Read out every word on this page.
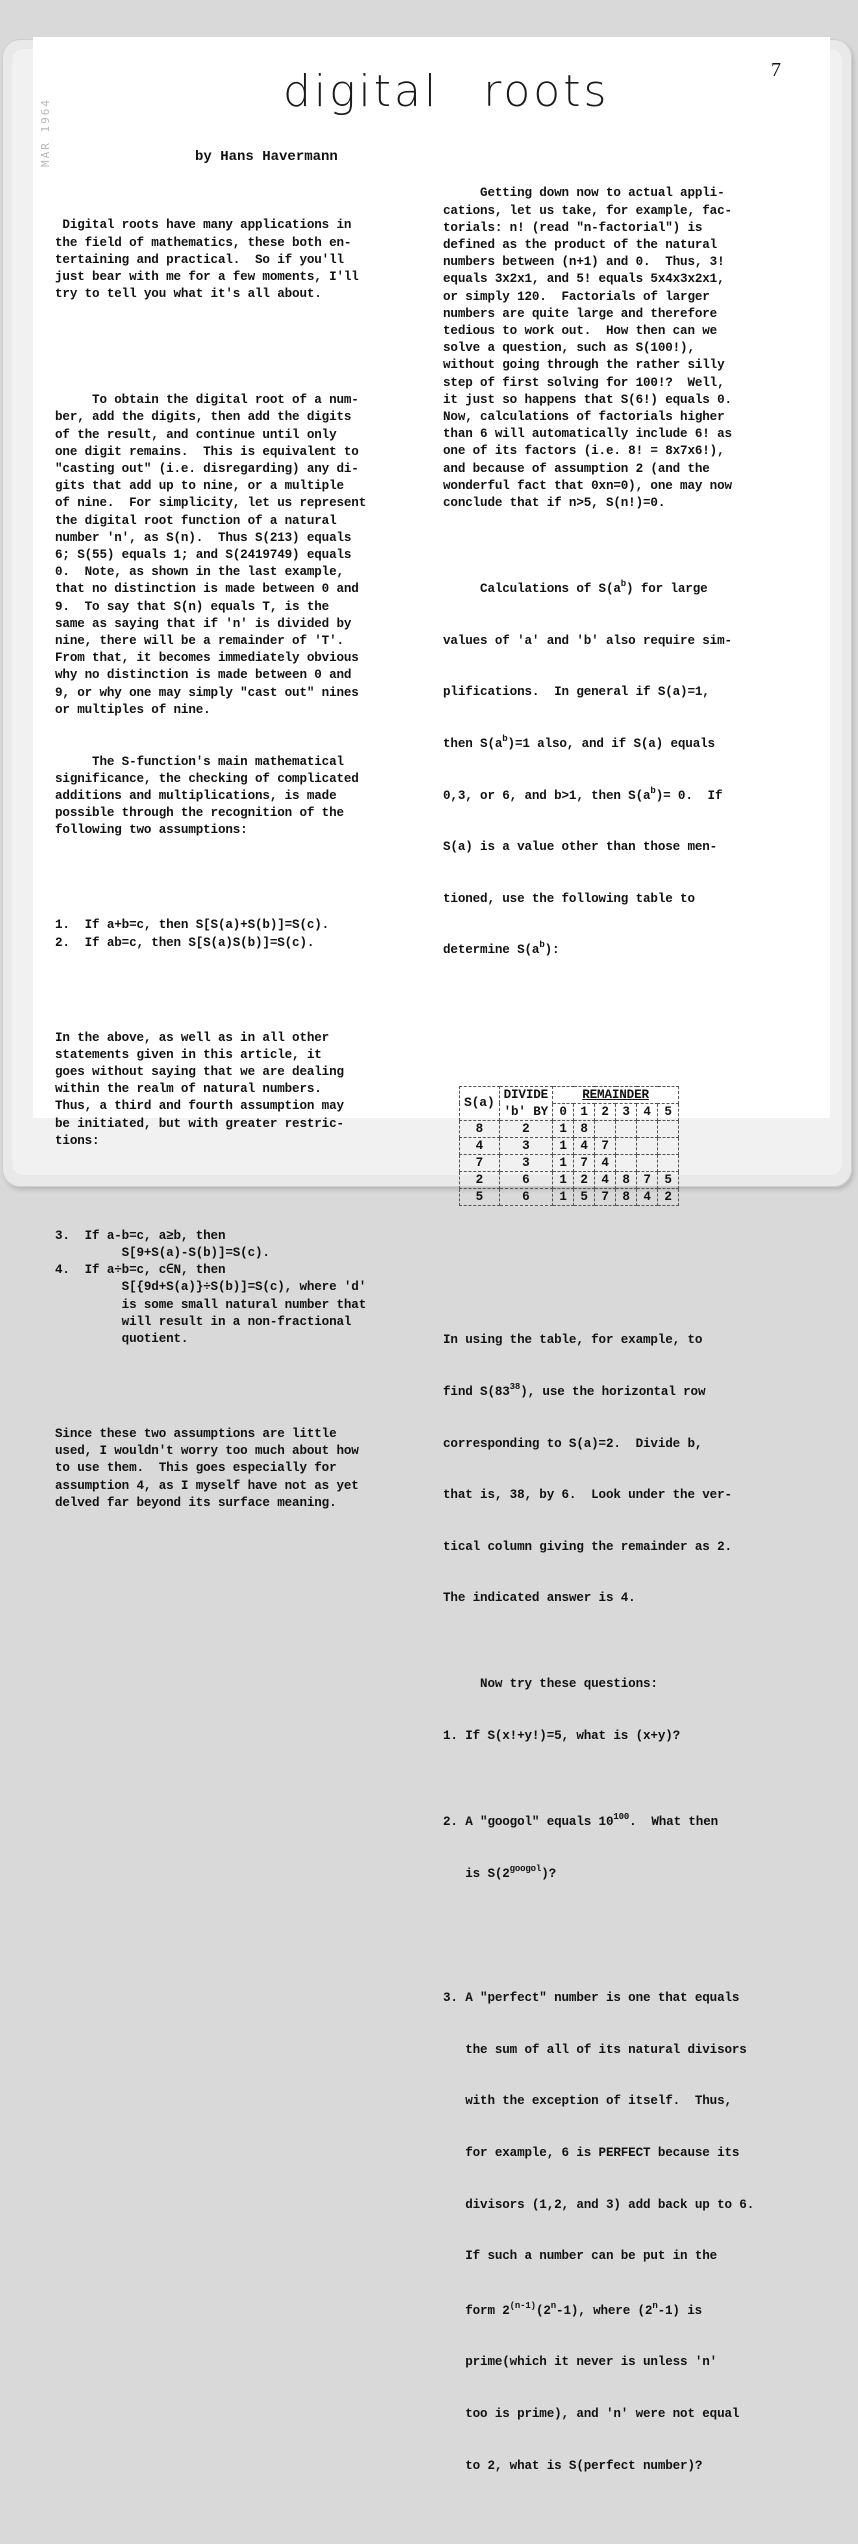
MAR 1964
7
digital roots
by Hans Havermann

Digital roots have many applications in
the field of mathematics, these both en-
tertaining and practical.  So if you'll
just bear with me for a few moments, I'll
try to tell you what it's all about.

To obtain the digital root of a num-
ber, add the digits, then add the digits
of the result, and continue until only
one digit remains.  This is equivalent to
"casting out" (i.e. disregarding) any di-
gits that add up to nine, or a multiple
of nine.  For simplicity, let us represent
the digital root function of a natural
number 'n', as S(n).  Thus S(213) equals
6; S(55) equals 1; and S(2419749) equals
0.  Note, as shown in the last example,
that no distinction is made between 0 and
9.  To say that S(n) equals T, is the
same as saying that if 'n' is divided by
nine, there will be a remainder of 'T'.
From that, it becomes immediately obvious
why no distinction is made between 0 and
9, or why one may simply "cast out" nines
or multiples of nine.

The S-function's main mathematical
significance, the checking of complicated
additions and multiplications, is made
possible through the recognition of the
following two assumptions:

1.  If a+b=c, then S[S(a)+S(b)]=S(c).
2.  If ab=c, then S[S(a)S(b)]=S(c).

In the above, as well as in all other
statements given in this article, it
goes without saying that we are dealing
within the realm of natural numbers.
Thus, a third and fourth assumption may
be initiated, but with greater restric-
tions:

3.  If a-b=c, a≥b, then
S[9+S(a)-S(b)]=S(c).
4.  If a÷b=c, c∈N, then
S[{9d+S(a)}÷S(b)]=S(c), where 'd'
is some small natural number that
will result in a non-fractional
quotient.

Since these two assumptions are little
used, I wouldn't worry too much about how
to use them.  This goes especially for
assumption 4, as I myself have not as yet
delved far beyond its surface meaning.

Getting down now to actual appli-
cations, let us take, for example, fac-
torials: n! (read "n-factorial") is
defined as the product of the natural
numbers between (n+1) and 0.  Thus, 3!
equals 3x2x1, and 5! equals 5x4x3x2x1,
or simply 120.  Factorials of larger
numbers are quite large and therefore
tedious to work out.  How then can we
solve a question, such as S(100!),
without going through the rather silly
step of first solving for 100!?  Well,
it just so happens that S(6!) equals 0.
Now, calculations of factorials higher
than 6 will automatically include 6! as
one of its factors (i.e. 8! = 8x7x6!),
and because of assumption 2 (and the
wonderful fact that 0xn=0), one may now
conclude that if n>5, S(n!)=0.

Calculations of $S(a^b)$ for large

values of 'a' and 'b' also require sim-

plifications.  In general if S(a)=1,

then $S(a^b)=1$ also, and if S(a) equals

0,3, or 6, and b>1, then $S(a^b)= 0$.  If

S(a) is a value other than those men-

tioned, use the following table to

determine $S(a^b)$:

S(a)	DIVIDE	REMAINDER					
	'b' BY	0	1	2	3	4	5
8	2	1	8				
4	3	1	4	7			
7	3	1	7	4			
2	6	1	2	4	8	7	5
5	6	1	5	7	8	4	2

In using the table, for example, to

find $S(83^{38})$, use the horizontal row

corresponding to S(a)=2.  Divide b,

that is, 38, by 6.  Look under the ver-

tical column giving the remainder as 2.

The indicated answer is 4.

Now try these questions:

1. If S(x!+y!)=5, what is (x+y)?

2. A "googol" equals $10^{100}$.  What then

is $S(2^{googol})$?

3. A "perfect" number is one that equals

the sum of all of its natural divisors

with the exception of itself.  Thus,

for example, 6 is PERFECT because its

divisors (1,2, and 3) add back up to 6.

If such a number can be put in the

form 2$^{(n-1)}$(2$^n$-1), where (2$^n$-1) is

prime(which it never is unless 'n'

too is prime), and 'n' were not equal

to 2, what is S(perfect number)?
